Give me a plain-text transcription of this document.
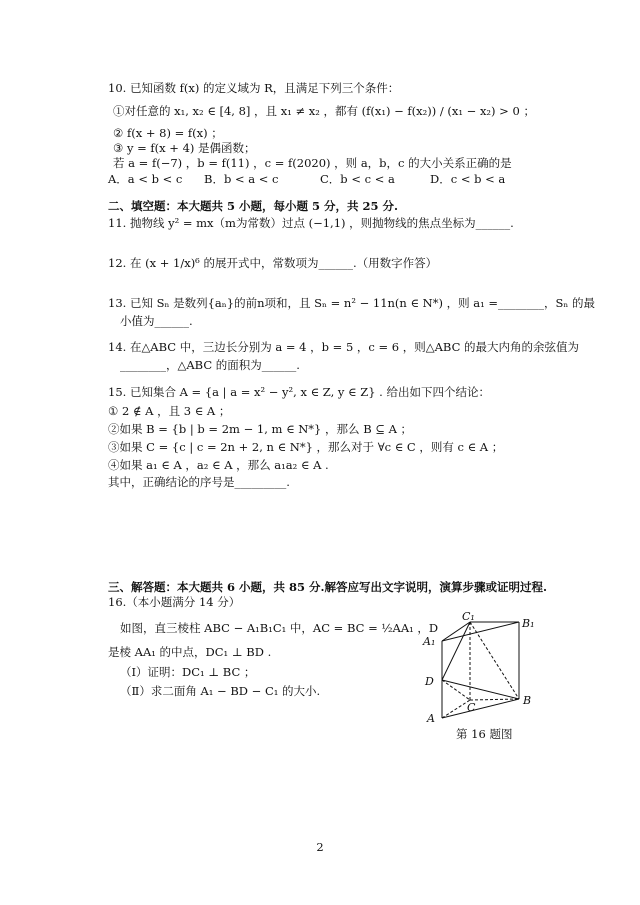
10. 已知函数 f(x) 的定义域为 R，且满足下列三个条件：
①对任意的 x₁, x₂ ∈ [4, 8] ，且 x₁ ≠ x₂ ，都有 (f(x₁) − f(x₂)) / (x₁ − x₂) > 0 ；
② f(x + 8) = f(x) ；
③ y = f(x + 4) 是偶函数；
若 a = f(−7) ，b = f(11) ，c = f(2020) ，则 a，b，c 的大小关系正确的是
A．a < b < c B．b < a < c	C．b < c < a	D．c < b < a
二、填空题：本大题共 5 小题，每小题 5 分，共 25 分.
11. 抛物线 y² = mx（m为常数）过点 (−1,1) ，则抛物线的焦点坐标为______.
12. 在 (x + 1/x)⁶ 的展开式中，常数项为______.（用数字作答）
13. 已知 Sₙ 是数列{aₙ}的前n项和，且 Sₙ = n² − 11n(n ∈ N*) ，则 a₁ =________，Sₙ 的最
小值为______.
14. 在△ABC 中，三边长分别为 a = 4 ，b = 5 ，c = 6 ，则△ABC 的最大内角的余弦值为
________，△ABC 的面积为______.
15. 已知集合 A = {a | a = x² − y², x ∈ Z, y ∈ Z} . 给出如下四个结论：
① 2 ∉ A ，且 3 ∈ A ；
②如果 B = {b | b = 2m − 1, m ∈ N*} ，那么 B ⊆ A ；
③如果 C = {c | c = 2n + 2, n ∈ N*} ，那么对于 ∀c ∈ C ，则有 c ∈ A ；
④如果 a₁ ∈ A ，a₂ ∈ A ，那么 a₁a₂ ∈ A .
其中，正确结论的序号是_________.
三、解答题：本大题共 6 小题，共 85 分.解答应写出文字说明，演算步骤或证明过程.
16.（本小题满分 14 分）
如图，直三棱柱 ABC − A₁B₁C₁ 中，AC = BC = ½AA₁ ，D
是棱 AA₁ 的中点，DC₁ ⊥ BD .
（Ⅰ）证明：DC₁ ⊥ BC ；
（Ⅱ）求二面角 A₁ − BD − C₁ 的大小.
C₁
B₁
A₁
D
C
B
A
第 16 题图
2
